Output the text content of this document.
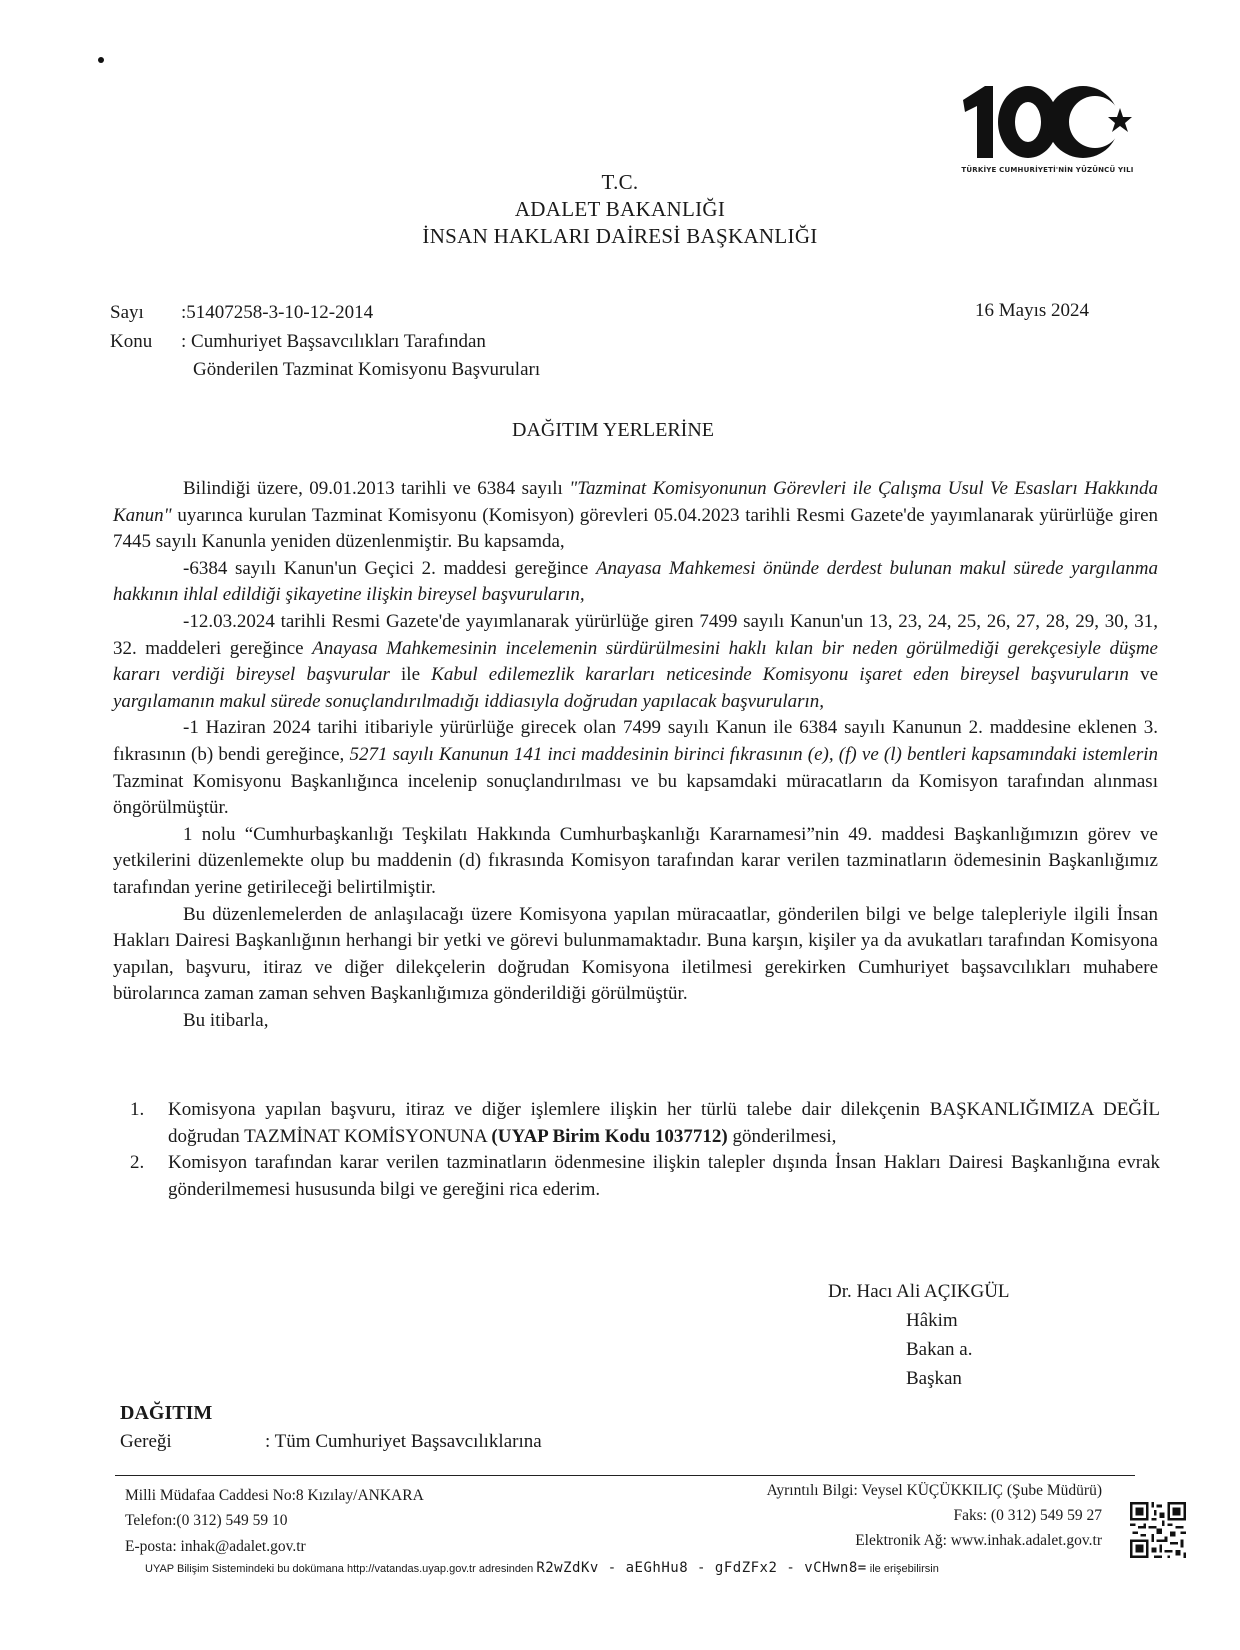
TÜRKİYE CUMHURİYETİ'NİN YÜZÜNCÜ YILI
T.C.
ADALET BAKANLIĞI
İNSAN HAKLARI DAİRESİ BAŞKANLIĞI
Sayı :51407258-3-10-12-2014	16 Mayıs 2024
Konu : Cumhuriyet Başsavcılıkları Tarafından
Gönderilen Tazminat Komisyonu Başvuruları
DAĞITIM YERLERİNE

Bilindiği üzere, 09.01.2013 tarihli ve 6384 sayılı "Tazminat Komisyonunun Görevleri ile Çalışma Usul Ve Esasları Hakkında Kanun" uyarınca kurulan Tazminat Komisyonu (Komisyon) görevleri 05.04.2023 tarihli Resmi Gazete'de yayımlanarak yürürlüğe giren 7445 sayılı Kanunla yeniden düzenlenmiştir. Bu kapsamda,

-6384 sayılı Kanun'un Geçici 2. maddesi gereğince Anayasa Mahkemesi önünde derdest bulunan makul sürede yargılanma hakkının ihlal edildiği şikayetine ilişkin bireysel başvuruların,

-12.03.2024 tarihli Resmi Gazete'de yayımlanarak yürürlüğe giren 7499 sayılı Kanun'un 13, 23, 24, 25, 26, 27, 28, 29, 30, 31, 32. maddeleri gereğince Anayasa Mahkemesinin incelemenin sürdürülmesini haklı kılan bir neden görülmediği gerekçesiyle düşme kararı verdiği bireysel başvurular ile Kabul edilemezlik kararları neticesinde Komisyonu işaret eden bireysel başvuruların ve yargılamanın makul sürede sonuçlandırılmadığı iddiasıyla doğrudan yapılacak başvuruların,

-1 Haziran 2024 tarihi itibariyle yürürlüğe girecek olan 7499 sayılı Kanun ile 6384 sayılı Kanunun 2. maddesine eklenen 3. fıkrasının (b) bendi gereğince, 5271 sayılı Kanunun 141 inci maddesinin birinci fıkrasının (e), (f) ve (l) bentleri kapsamındaki istemlerin Tazminat Komisyonu Başkanlığınca incelenip sonuçlandırılması ve bu kapsamdaki müracatların da Komisyon tarafından alınması öngörülmüştür.

1 nolu “Cumhurbaşkanlığı Teşkilatı Hakkında Cumhurbaşkanlığı Kararnamesi”nin 49. maddesi Başkanlığımızın görev ve yetkilerini düzenlemekte olup bu maddenin (d) fıkrasında Komisyon tarafından karar verilen tazminatların ödemesinin Başkanlığımız tarafından yerine getirileceği belirtilmiştir.

Bu düzenlemelerden de anlaşılacağı üzere Komisyona yapılan müracaatlar, gönderilen bilgi ve belge talepleriyle ilgili İnsan Hakları Dairesi Başkanlığının herhangi bir yetki ve görevi bulunmamaktadır. Buna karşın, kişiler ya da avukatları tarafından Komisyona yapılan, başvuru, itiraz ve diğer dilekçelerin doğrudan Komisyona iletilmesi gerekirken Cumhuriyet başsavcılıkları muhabere bürolarınca zaman zaman sehven Başkanlığımıza gönderildiği görülmüştür.

Bu itibarla,

1. Komisyona yapılan başvuru, itiraz ve diğer işlemlere ilişkin her türlü talebe dair dilekçenin BAŞKANLIĞIMIZA DEĞİL doğrudan TAZMİNAT KOMİSYONUNA (UYAP Birim Kodu 1037712) gönderilmesi,
2. Komisyon tarafından karar verilen tazminatların ödenmesine ilişkin talepler dışında İnsan Hakları Dairesi Başkanlığına evrak gönderilmemesi hususunda bilgi ve gereğini rica ederim.
Dr. Hacı Ali AÇIKGÜL
Hâkim
Bakan a.
Başkan
DAĞITIM
Gereği	: Tüm Cumhuriyet Başsavcılıklarına
Milli Müdafaa Caddesi No:8 Kızılay/ANKARA
Telefon:(0 312) 549 59 10
E-posta: inhak@adalet.gov.tr
Ayrıntılı Bilgi: Veysel KÜÇÜKKILIÇ (Şube Müdürü)
Faks: (0 312) 549 59 27
Elektronik Ağ: www.inhak.adalet.gov.tr
UYAP Bilişim Sistemindeki bu dokümana http://vatandas.uyap.gov.tr adresinden R2wZdKv - aEGhHu8 - gFdZFx2 - vCHwn8= ile erişebilirsin
